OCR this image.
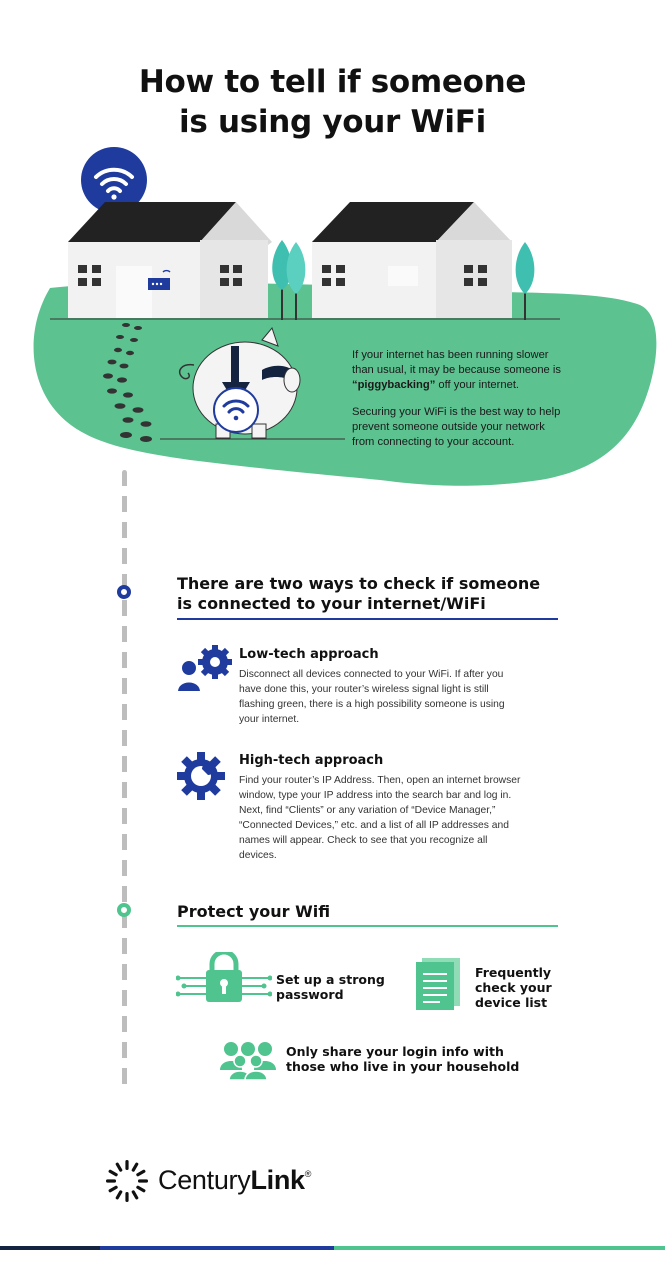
How to tell if someone
is using your WiFi

If your internet has been running slower than usual, it may be because someone is “piggybacking” off your internet.

Securing your WiFi is the best way to help prevent someone outside your network from connecting to your account.

There are two ways to check if someone
is connected to your internet/WiFi
Low-tech approach
Disconnect all devices connected to your WiFi. If after you have done this, your router’s wireless signal light is still flashing green, there is a high possibility someone is using your internet.
High-tech approach
Find your router’s IP Address. Then, open an internet browser window, type your IP address into the search bar and log in. Next, find “Clients” or any variation of “Device Manager,” “Connected Devices,” etc. and a list of all IP addresses and names will appear. Check to see that you recognize all devices.
Protect your Wifi
Set up a strong
password
Frequently
check your
device list
Only share your login info with
those who live in your household
CenturyLink®
